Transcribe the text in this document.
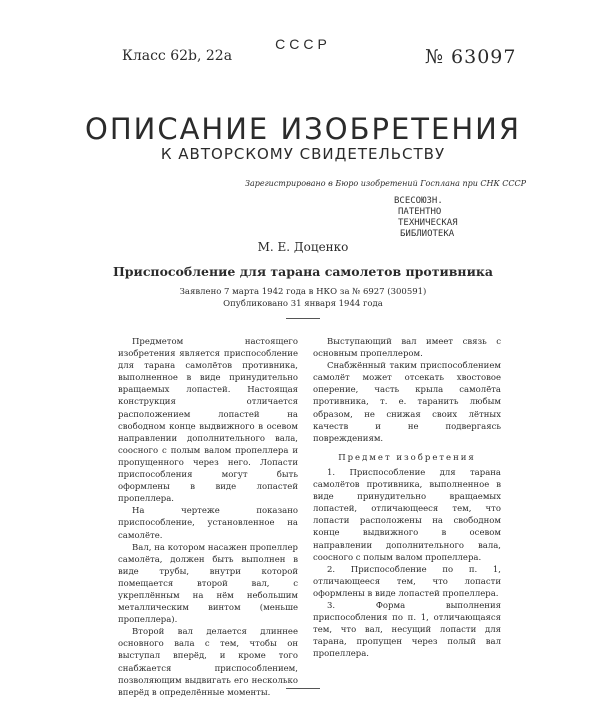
СССР
Класс 62b, 22a	№ 63097
ОПИСАНИЕ ИЗОБРЕТЕНИЯ
К АВТОРСКОМУ СВИДЕТЕЛЬСТВУ
Зарегистрировано в Бюро изобретений Госплана при СНК СССР
ВСЕСОЮЗН.
ПАТЕНТНО
ТЕХНИЧЕСКАЯ
БИБЛИОТЕКА
М. Е. Доценко
Приспособление для тарана самолетов противника
Заявлено 7 марта 1942 года в НКО за № 6927 (300591)
Опубликовано 31 января 1944 года

Предметом настоящего изобретения является приспособление для тарана самолётов противника, выполненное в виде принудительно вращаемых лопастей. Настоящая конструкция отличается расположением лопастей на свободном конце выдвижного в осевом направлении дополнительного вала, соосного с полым валом пропеллера и пропущенного через него. Лопасти приспособления могут быть оформлены в виде лопастей пропеллера.

На чертеже показано приспособление, установленное на самолёте.

Вал, на котором насажен пропеллер самолёта, должен быть выполнен в виде трубы, внутри которой помещается второй вал, с укреплённым на нём небольшим металлическим винтом (меньше пропеллера).

Второй вал делается длиннее основного вала с тем, чтобы он выступал вперёд, и кроме того снабжается приспособлением, позволяющим выдвигать его несколько вперёд в определённые моменты.

Выступающий вал имеет связь с основным пропеллером.

Снабжённый таким приспособлением самолёт может отсекать хвостовое оперение, часть крыла самолёта противника, т. е. таранить любым образом, не снижая своих лётных качеств и не подвергаясь повреждениям.

Предмет изобретения

1. Приспособление для тарана самолётов противника, выполненное в виде принудительно вращаемых лопастей, отличающееся тем, что лопасти расположены на свободном конце выдвижного в осевом направлении дополнительного вала, соосного с полым валом пропеллера.

2. Приспособление по п. 1, отличающееся тем, что лопасти оформлены в виде лопастей пропеллера.

3. Форма выполнения приспособления по п. 1, отличающаяся тем, что вал, несущий лопасти для тарана, пропущен через полый вал пропеллера.
